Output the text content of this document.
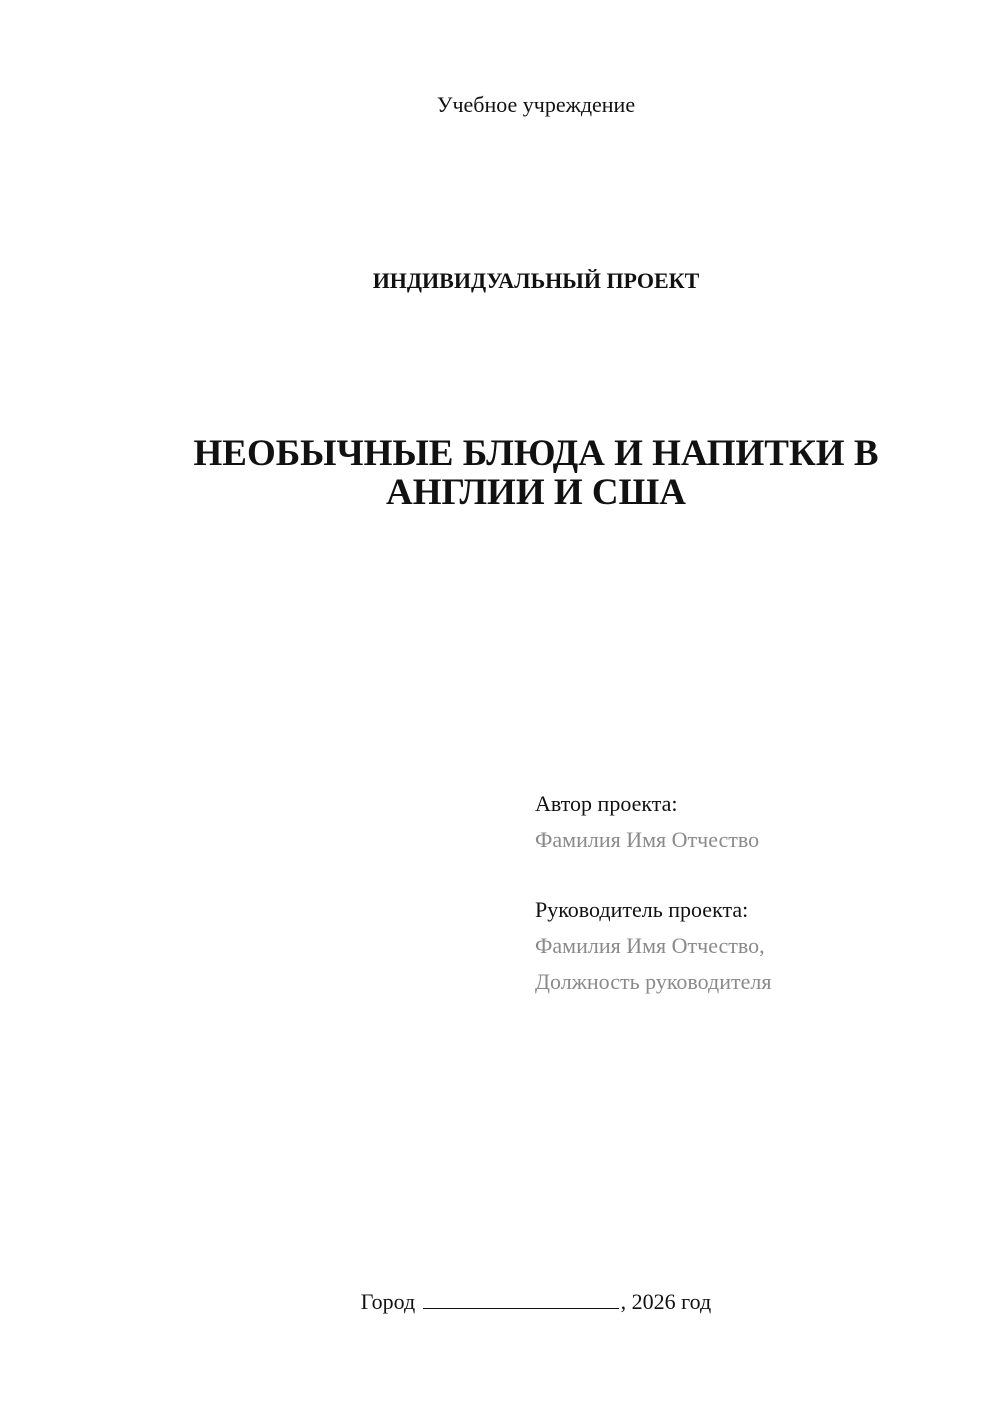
Учебное учреждение
ИНДИВИДУАЛЬНЫЙ ПРОЕКТ
НЕОБЫЧНЫЕ БЛЮДА И НАПИТКИ В
АНГЛИИ И США
Автор проекта:
Фамилия Имя Отчество
Руководитель проекта:
Фамилия Имя Отчество,
Должность руководителя
Город	, 2026 год
